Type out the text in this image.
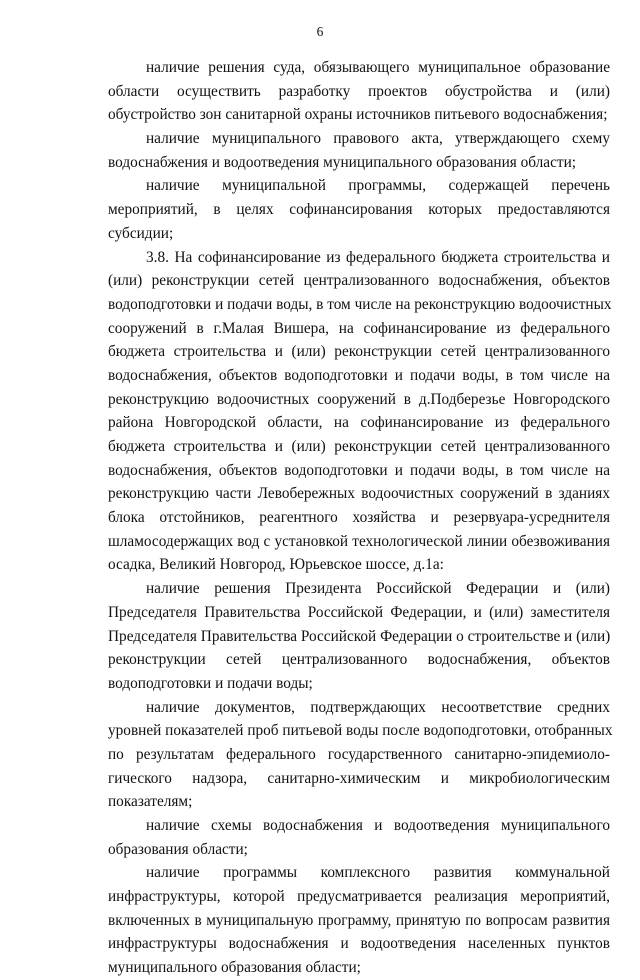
6
наличие решения суда, обязывающего муниципальное образование
области осуществить разработку проектов обустройства и (или)
обустройство зон санитарной охраны источников питьевого водоснабжения;
наличие муниципального правового акта, утверждающего схему
водоснабжения и водоотведения муниципального образования области;
наличие муниципальной программы, содержащей перечень
мероприятий, в целях софинансирования которых предоставляются
субсидии;
3.8. На софинансирование из федерального бюджета строительства и
(или) реконструкции сетей централизованного водоснабжения, объектов
водоподготовки и подачи воды, в том числе на реконструкцию водоочистных
сооружений в г.Малая Вишера, на софинансирование из федерального
бюджета строительства и (или) реконструкции сетей централизованного
водоснабжения, объектов водоподготовки и подачи воды, в том числе на
реконструкцию водоочистных сооружений в д.Подберезье Новгородского
района Новгородской области, на софинансирование из федерального
бюджета строительства и (или) реконструкции сетей централизованного
водоснабжения, объектов водоподготовки и подачи воды, в том числе на
реконструкцию части Левобережных водоочистных сооружений в зданиях
блока отстойников, реагентного хозяйства и резервуара-усреднителя
шламосодержащих вод с установкой технологической линии обезвоживания
осадка, Великий Новгород, Юрьевское шоссе, д.1а:
наличие решения Президента Российской Федерации и (или)
Председателя Правительства Российской Федерации, и (или) заместителя
Председателя Правительства Российской Федерации о строительстве и (или)
реконструкции сетей централизованного водоснабжения, объектов
водоподготовки и подачи воды;
наличие документов, подтверждающих несоответствие средних
уровней показателей проб питьевой воды после водоподготовки, отобранных
по результатам федерального государственного санитарно-эпидемиоло-
гического надзора, санитарно-химическим и микробиологическим
показателям;
наличие схемы водоснабжения и водоотведения муниципального
образования области;
наличие программы комплексного развития коммунальной
инфраструктуры, которой предусматривается реализация мероприятий,
включенных в муниципальную программу, принятую по вопросам развития
инфраструктуры водоснабжения и водоотведения населенных пунктов
муниципального образования области;
